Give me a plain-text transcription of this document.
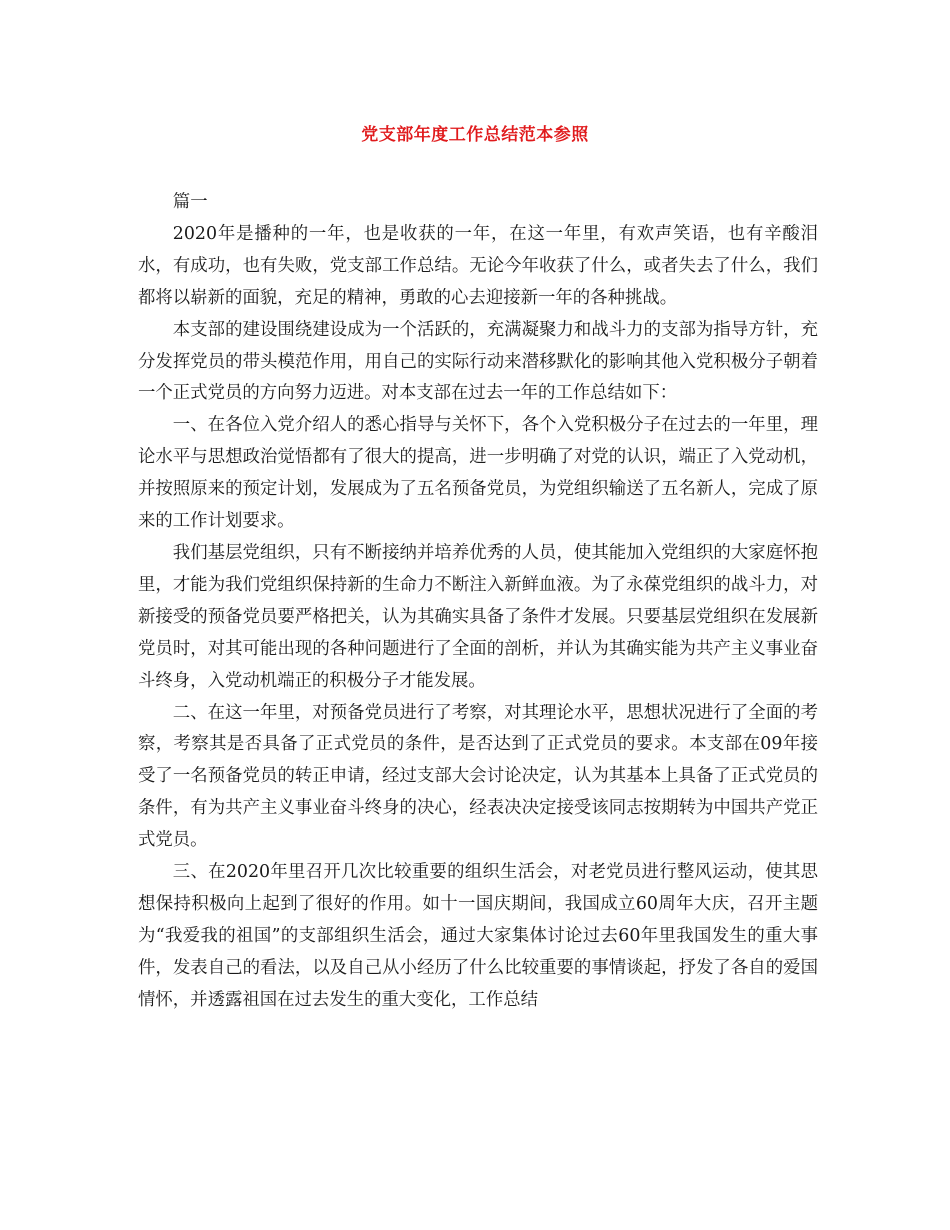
党支部年度工作总结范本参照

篇一

2020年是播种的一年，也是收获的一年，在这一年里，有欢声笑语，也有辛酸泪水，有成功，也有失败，党支部工作总结。无论今年收获了什么，或者失去了什么，我们都将以崭新的面貌，充足的精神，勇敢的心去迎接新一年的各种挑战。

本支部的建设围绕建设成为一个活跃的，充满凝聚力和战斗力的支部为指导方针，充分发挥党员的带头模范作用，用自己的实际行动来潜移默化的影响其他入党积极分子朝着一个正式党员的方向努力迈进。对本支部在过去一年的工作总结如下：

一、在各位入党介绍人的悉心指导与关怀下，各个入党积极分子在过去的一年里，理论水平与思想政治觉悟都有了很大的提高，进一步明确了对党的认识，端正了入党动机，并按照原来的预定计划，发展成为了五名预备党员，为党组织输送了五名新人，完成了原来的工作计划要求。

我们基层党组织，只有不断接纳并培养优秀的人员，使其能加入党组织的大家庭怀抱里，才能为我们党组织保持新的生命力不断注入新鲜血液。为了永葆党组织的战斗力，对新接受的预备党员要严格把关，认为其确实具备了条件才发展。只要基层党组织在发展新党员时，对其可能出现的各种问题进行了全面的剖析，并认为其确实能为共产主义事业奋斗终身，入党动机端正的积极分子才能发展。

二、在这一年里，对预备党员进行了考察，对其理论水平，思想状况进行了全面的考察，考察其是否具备了正式党员的条件，是否达到了正式党员的要求。本支部在09年接受了一名预备党员的转正申请，经过支部大会讨论决定，认为其基本上具备了正式党员的条件，有为共产主义事业奋斗终身的决心，经表决决定接受该同志按期转为中国共产党正式党员。

三、在2020年里召开几次比较重要的组织生活会，对老党员进行整风运动，使其思想保持积极向上起到了很好的作用。如十一国庆期间，我国成立60周年大庆，召开主题为“我爱我的祖国”的支部组织生活会，通过大家集体讨论过去60年里我国发生的重大事件，发表自己的看法，以及自己从小经历了什么比较重要的事情谈起，抒发了各自的爱国情怀，并透露祖国在过去发生的重大变化，工作总结
